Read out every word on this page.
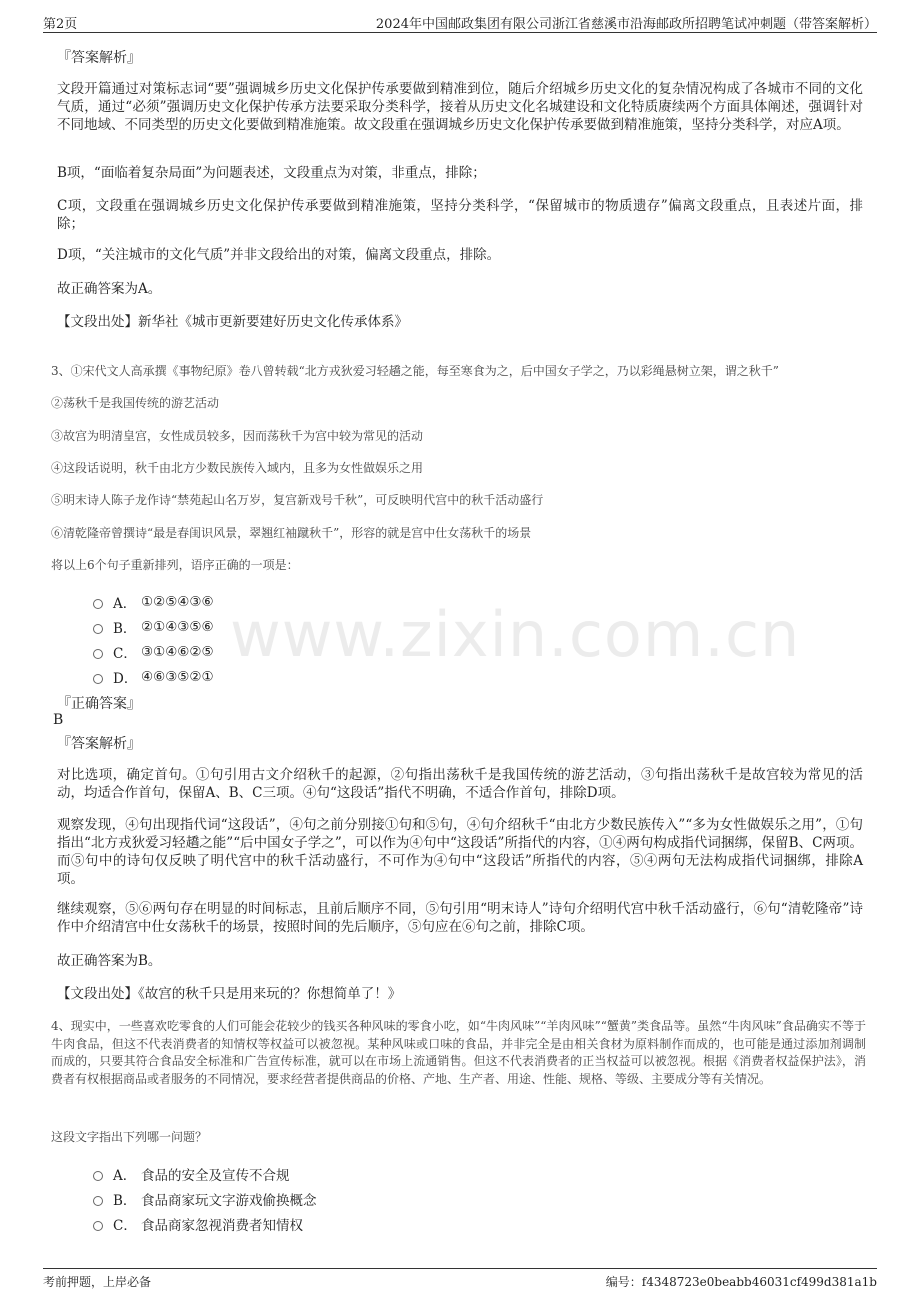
第2页	2024年中国邮政集团有限公司浙江省慈溪市沿海邮政所招聘笔试冲刺题（带答案解析）
www.zixin.com.cn
『答案解析』

文段开篇通过对策标志词“要”强调城乡历史文化保护传承要做到精准到位，随后介绍城乡历史文化的复杂情况构成了各城市不同的文化气质，通过“必须”强调历史文化保护传承方法要采取分类科学，接着从历史文化名城建设和文化特质赓续两个方面具体阐述，强调针对不同地域、不同类型的历史文化要做到精准施策。故文段重在强调城乡历史文化保护传承要做到精准施策，坚持分类科学，对应A项。

B项，“面临着复杂局面”为问题表述，文段重点为对策，非重点，排除；

C项，文段重在强调城乡历史文化保护传承要做到精准施策，坚持分类科学，“保留城市的物质遗存”偏离文段重点，且表述片面，排除；

D项，“关注城市的文化气质”并非文段给出的对策，偏离文段重点，排除。

故正确答案为A。
【文段出处】新华社《城市更新要建好历史文化传承体系》
3、①宋代文人高承撰《事物纪原》卷八曾转载“北方戎狄爱习轻趫之能，每至寒食为之，后中国女子学之，乃以彩绳悬树立架，谓之秋千”
②荡秋千是我国传统的游艺活动
③故宫为明清皇宫，女性成员较多，因而荡秋千为宫中较为常见的活动
④这段话说明，秋千由北方少数民族传入域内，且多为女性做娱乐之用
⑤明末诗人陈子龙作诗“禁苑起山名万岁，复宫新戏号千秋”，可反映明代宫中的秋千活动盛行
⑥清乾隆帝曾撰诗“最是春闺识风景，翠翘红袖蹴秋千”，形容的就是宫中仕女荡秋千的场景
将以上6个句子重新排列，语序正确的一项是：
A． ①②⑤④③⑥
B． ②①④③⑤⑥
C． ③①④⑥②⑤
D． ④⑥③⑤②①
『正确答案』
B
『答案解析』

对比选项，确定首句。①句引用古文介绍秋千的起源，②句指出荡秋千是我国传统的游艺活动，③句指出荡秋千是故宫较为常见的活动，均适合作首句，保留A、B、C三项。④句“这段话”指代不明确，不适合作首句，排除D项。

观察发现，④句出现指代词“这段话”，④句之前分别接①句和⑤句，④句介绍秋千“由北方少数民族传入”“多为女性做娱乐之用”，①句指出“北方戎狄爱习轻趫之能”“后中国女子学之”，可以作为④句中“这段话”所指代的内容，①④两句构成指代词捆绑，保留B、C两项。而⑤句中的诗句仅反映了明代宫中的秋千活动盛行，不可作为④句中“这段话”所指代的内容，⑤④两句无法构成指代词捆绑，排除A项。

继续观察，⑤⑥两句存在明显的时间标志，且前后顺序不同，⑤句引用“明末诗人”诗句介绍明代宫中秋千活动盛行，⑥句“清乾隆帝”诗作中介绍清宫中仕女荡秋千的场景，按照时间的先后顺序，⑤句应在⑥句之前，排除C项。

故正确答案为B。
【文段出处】《故宫的秋千只是用来玩的？你想简单了！》

4、现实中，一些喜欢吃零食的人们可能会花较少的钱买各种风味的零食小吃，如“牛肉风味”“羊肉风味”“蟹黄”类食品等。虽然“牛肉风味”食品确实不等于牛肉食品，但这不代表消费者的知情权等权益可以被忽视。某种风味或口味的食品，并非完全是由相关食材为原料制作而成的，也可能是通过添加剂调制而成的，只要其符合食品安全标准和广告宣传标准，就可以在市场上流通销售。但这不代表消费者的正当权益可以被忽视。根据《消费者权益保护法》，消费者有权根据商品或者服务的不同情况，要求经营者提供商品的价格、产地、生产者、用途、性能、规格、等级、主要成分等有关情况。

这段文字指出下列哪一问题？
A． 食品的安全及宣传不合规
B． 食品商家玩文字游戏偷换概念
C． 食品商家忽视消费者知情权
考前押题，上岸必备	编号：f4348723e0beabb46031cf499d381a1b
